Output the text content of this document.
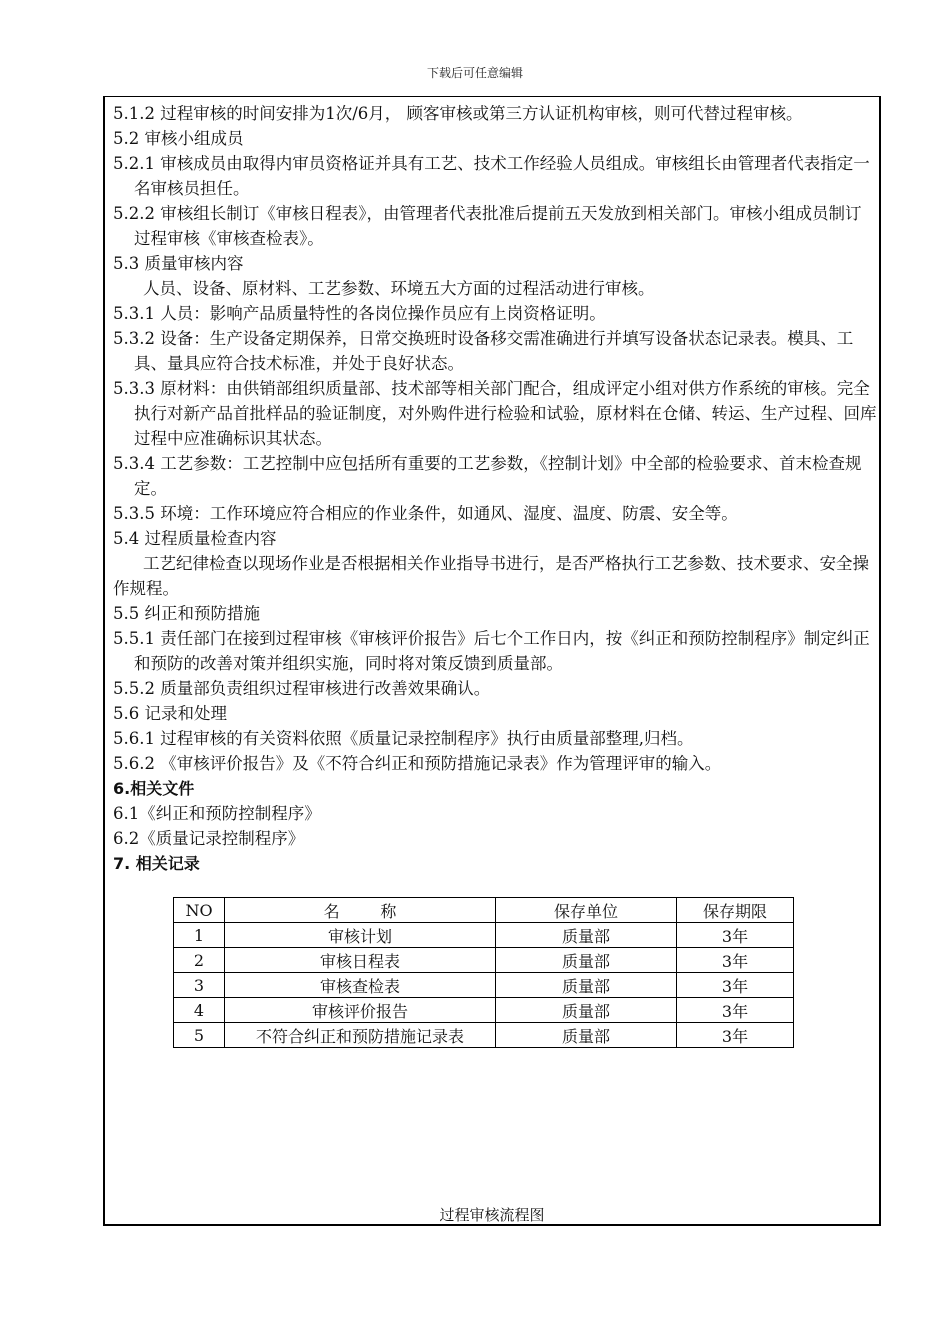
下载后可任意编辑

5.1.2 过程审核的时间安排为1次/6月， 顾客审核或第三方认证机构审核，则可代替过程审核。

5.2 审核小组成员

5.2.1 审核成员由取得内审员资格证并具有工艺、技术工作经验人员组成。审核组长由管理者代表指定一名审核员担任。

5.2.2 审核组长制订《审核日程表》，由管理者代表批准后提前五天发放到相关部门。审核小组成员制订过程审核《审核查检表》。

5.3 质量审核内容

人员、设备、原材料、工艺参数、环境五大方面的过程活动进行审核。

5.3.1 人员：影响产品质量特性的各岗位操作员应有上岗资格证明。

5.3.2 设备：生产设备定期保养，日常交换班时设备移交需准确进行并填写设备状态记录表。模具、工具、量具应符合技术标准，并处于良好状态。

5.3.3 原材料：由供销部组织质量部、技术部等相关部门配合，组成评定小组对供方作系统的审核。完全执行对新产品首批样品的验证制度，对外购件进行检验和试验，原材料在仓储、转运、生产过程、回库过程中应准确标识其状态。

5.3.4 工艺参数：工艺控制中应包括所有重要的工艺参数，《控制计划》中全部的检验要求、首末检查规定。

5.3.5 环境：工作环境应符合相应的作业条件，如通风、湿度、温度、防震、安全等。

5.4 过程质量检查内容

工艺纪律检查以现场作业是否根据相关作业指导书进行，是否严格执行工艺参数、技术要求、安全操作规程。

5.5 纠正和预防措施

5.5.1 责任部门在接到过程审核《审核评价报告》后七个工作日内，按《纠正和预防控制程序》制定纠正和预防的改善对策并组织实施，同时将对策反馈到质量部。

5.5.2 质量部负责组织过程审核进行改善效果确认。

5.6 记录和处理

5.6.1 过程审核的有关资料依照《质量记录控制程序》执行由质量部整理,归档。

5.6.2 《审核评价报告》及《不符合纠正和预防措施记录表》作为管理评审的输入。

6.相关文件

6.1《纠正和预防控制程序》

6.2《质量记录控制程序》

7. 相关记录

NO	名        称	保存单位	保存期限
1	审核计划	质量部	3年
2	审核日程表	质量部	3年
3	审核查检表	质量部	3年
4	审核评价报告	质量部	3年
5	不符合纠正和预防措施记录表	质量部	3年
过程审核流程图
